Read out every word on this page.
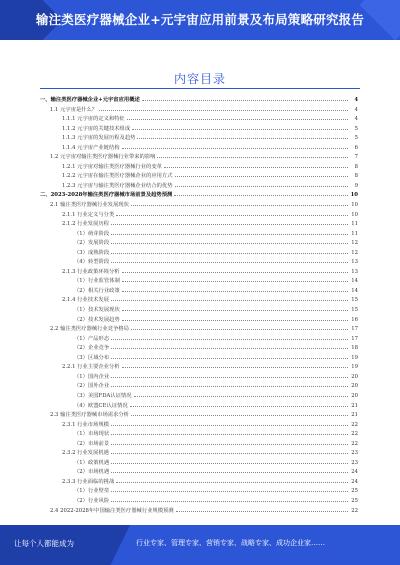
输注类医疗器械企业+元宇宙应用前景及布局策略研究报告
内容目录
一、输注类医疗器械企业+元宇宙应用概述	4
1.1 元宇宙是什么？	4
1.1.1 元宇宙的定义和特征	4
1.1.2 元宇宙的关键技术组成	5
1.1.3 元宇宙的发展历程及趋势	5
1.1.4 元宇宙产业链结构	6
1.2 元宇宙对输注类医疗器械行业带来的影响	7
1.2.1 元宇宙对输注类医疗器械行业的变革	8
1.2.2 元宇宙在输注类医疗器械企业的应用方式	8
1.2.3 元宇宙与输注类医疗器械企业结合的优势	9
二、2023-2028年输注类医疗器械市场前景及趋势预测	10
2.1 输注类医疗器械行业发展现状	10
2.1.1 行业定义与分类	10
2.1.2 行业发展历程	11
（1）萌芽阶段	11
（2）发展阶段	12
（3）成熟阶段	12
（4）转型阶段	13
2.1.3 行业政策环境分析	13
（1）行业监管体制	14
（2）相关行业政策	14
2.1.4 行业技术发展	15
（1）技术发展现状	15
（2）技术发展趋势	16
2.2 输注类医疗器械行业竞争格局	17
（1）产品形态	17
（2）企业竞争	18
（3）区域分布	19
2.2.1 行业主要企业分析	19
（1）国内企业	20
（2）国外企业	20
（3）美国FDA认证情况	20
（4）欧盟CE认证情况	21
2.3 输注类医疗器械市场需求分析	21
2.3.1 行业市场规模	22
（1）市场现状	22
（2）市场前景	22
2.3.2 行业发展机遇	23
（1）政策机遇	23
（2）市场机遇	24
2.3.3 行业面临的挑战	24
（1）行业壁垒	25
（2）行业风险	25
2.4 2022-2028年中国输注类医疗器械行业规模预测	22
让每个人都能成为	行业专家、管理专家、营销专家、战略专家、成功企业家……
